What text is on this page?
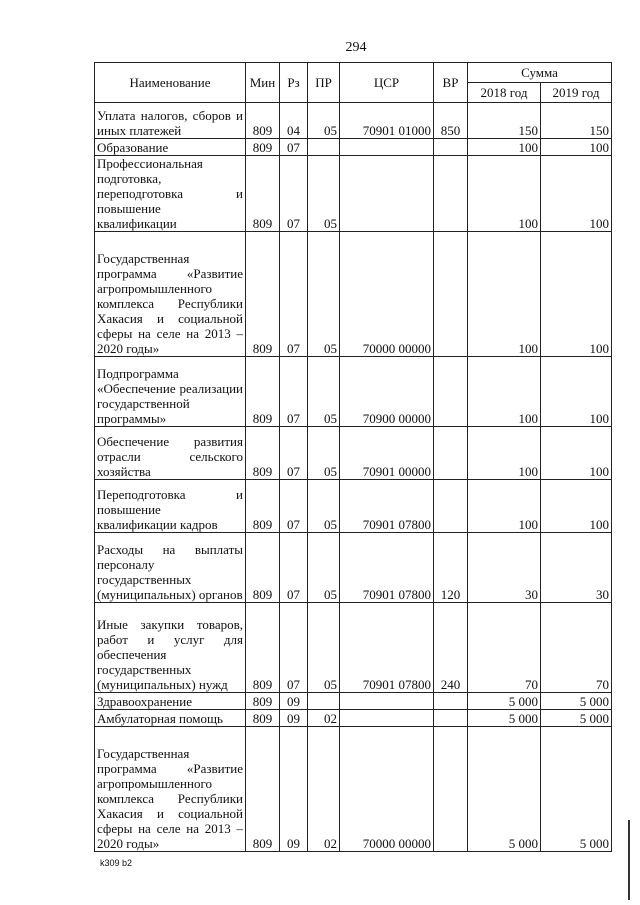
294
Наименование	Мин	Рз	ПР	ЦСР	ВР	Сумма	
						2018 год	2019 год
Уплата налогов, сборов и иных платежей	809	04	05	70901 01000	850	150	150
Образование	809	07				100	100
Профессиональная подготовка, переподготовка и повышение квалификации	809	07	05			100	100
Государственная программа «Развитие агропромышленного комплекса Республики Хакасия и социальной сферы на селе на 2013 – 2020 годы»	809	07	05	70000 00000		100	100
Подпрограмма «Обеспечение реализации государственной программы»	809	07	05	70900 00000		100	100
Обеспечение развития отрасли сельского хозяйства	809	07	05	70901 00000		100	100
Переподготовка и повышение квалификации кадров	809	07	05	70901 07800		100	100
Расходы на выплаты персоналу государственных (муниципальных) органов	809	07	05	70901 07800	120	30	30
Иные закупки товаров, работ и услуг для обеспечения государственных (муниципальных) нужд	809	07	05	70901 07800	240	70	70
Здравоохранение	809	09				5 000	5 000
Амбулаторная помощь	809	09	02			5 000	5 000
Государственная программа «Развитие агропромышленного комплекса Республики Хакасия и социальной сферы на селе на 2013 – 2020 годы»	809	09	02	70000 00000		5 000	5 000
k309 b2
